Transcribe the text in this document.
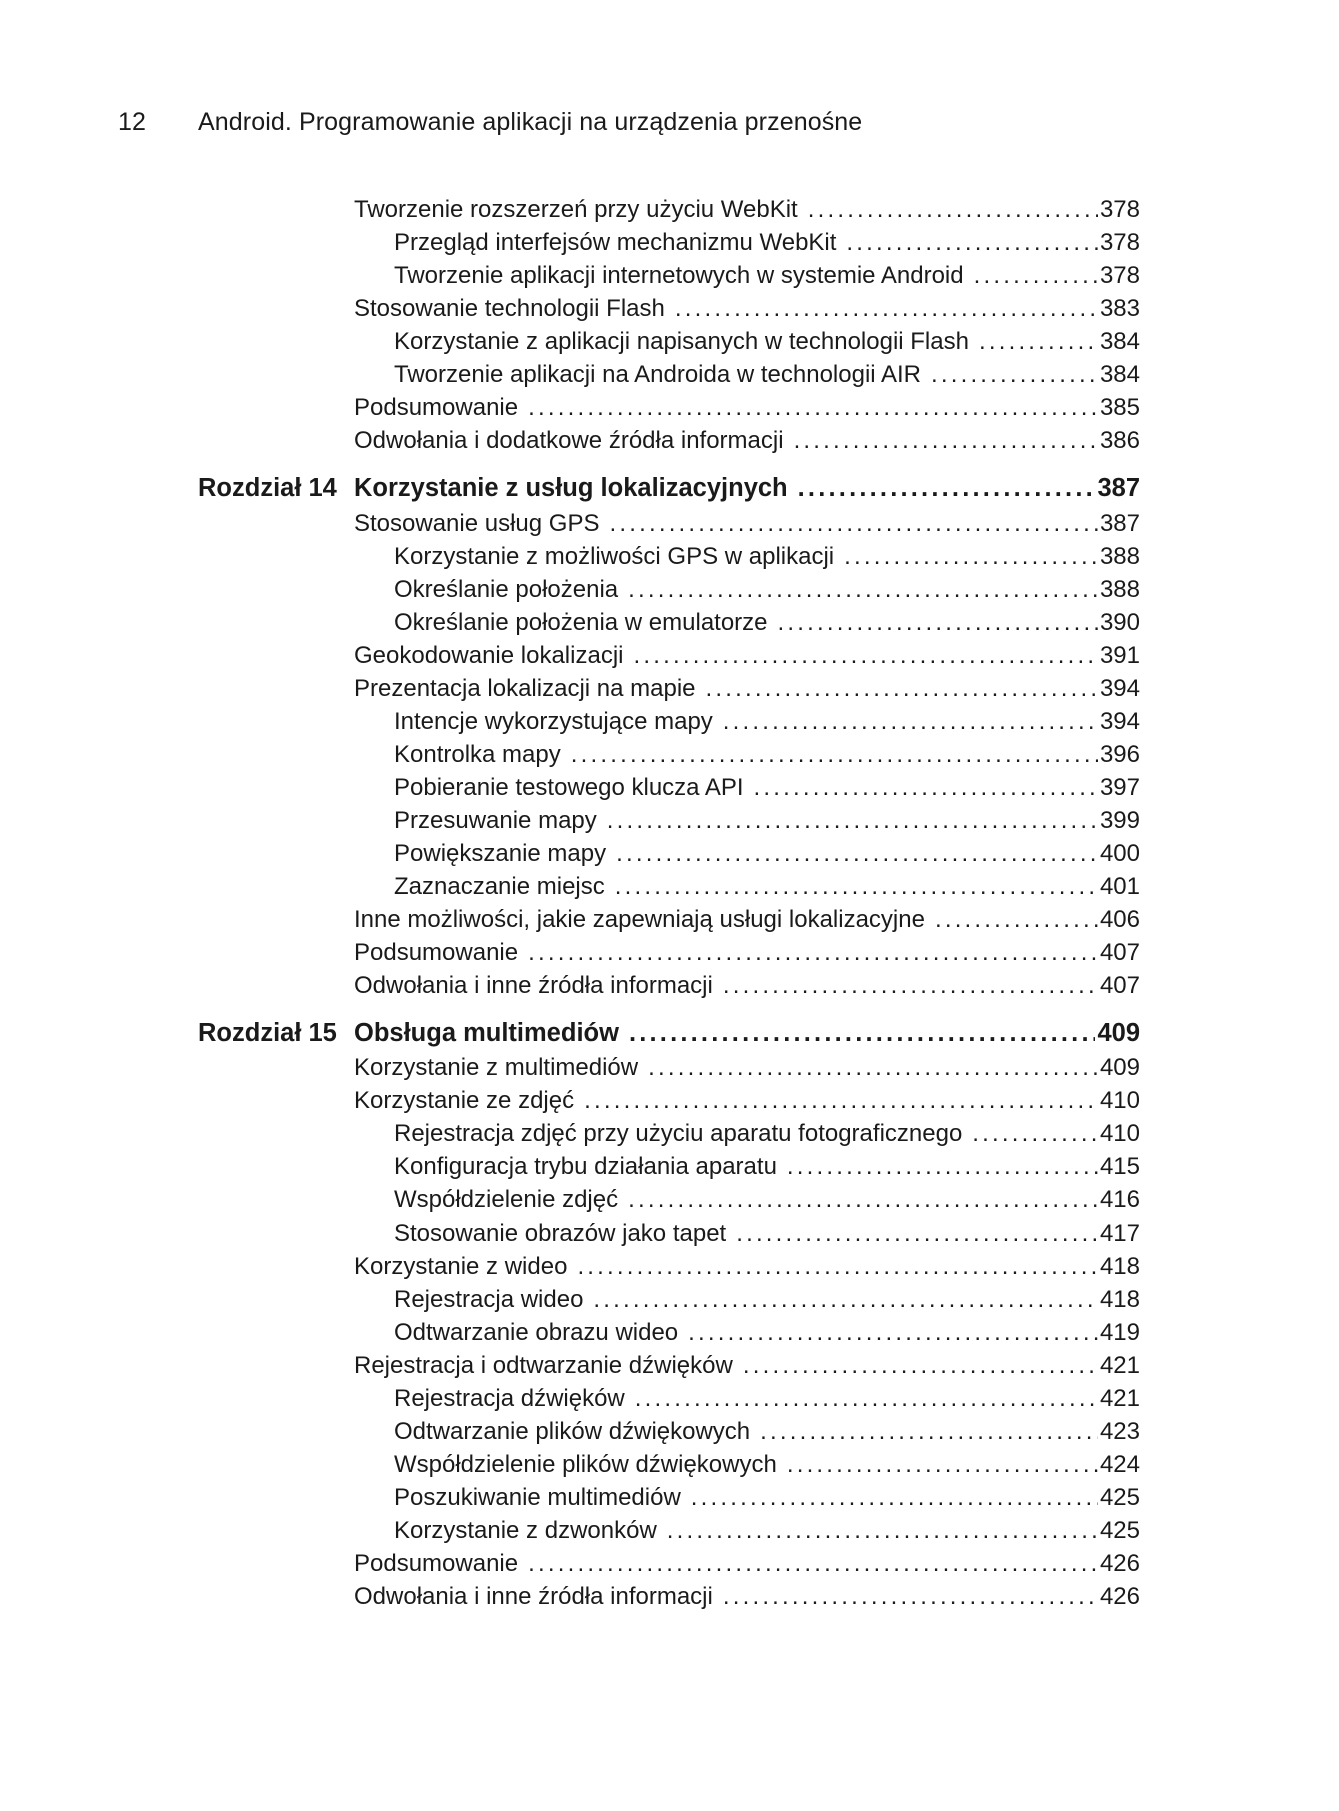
12 Android. Programowanie aplikacji na urządzenia przenośne
Tworzenie rozszerzeń przy użyciu WebKit .....	378
Przegląd interfejsów mechanizmu WebKit .....	378
Tworzenie aplikacji internetowych w systemie Android .....	378
Stosowanie technologii Flash .....	383
Korzystanie z aplikacji napisanych w technologii Flash .....	384
Tworzenie aplikacji na Androida w technologii AIR .....	384
Podsumowanie .....	385
Odwołania i dodatkowe źródła informacji .....	386
Rozdział 14 Korzystanie z usług lokalizacyjnych .....	387
Stosowanie usług GPS .....	387
Korzystanie z możliwości GPS w aplikacji .....	388
Określanie położenia .....	388
Określanie położenia w emulatorze .....	390
Geokodowanie lokalizacji .....	391
Prezentacja lokalizacji na mapie .....	394
Intencje wykorzystujące mapy .....	394
Kontrolka mapy .....	396
Pobieranie testowego klucza API .....	397
Przesuwanie mapy .....	399
Powiększanie mapy .....	400
Zaznaczanie miejsc .....	401
Inne możliwości, jakie zapewniają usługi lokalizacyjne .....	406
Podsumowanie .....	407
Odwołania i inne źródła informacji .....	407
Rozdział 15 Obsługa multimediów .....	409
Korzystanie z multimediów .....	409
Korzystanie ze zdjęć .....	410
Rejestracja zdjęć przy użyciu aparatu fotograficznego .....	410
Konfiguracja trybu działania aparatu .....	415
Współdzielenie zdjęć .....	416
Stosowanie obrazów jako tapet .....	417
Korzystanie z wideo .....	418
Rejestracja wideo .....	418
Odtwarzanie obrazu wideo .....	419
Rejestracja i odtwarzanie dźwięków .....	421
Rejestracja dźwięków .....	421
Odtwarzanie plików dźwiękowych .....	423
Współdzielenie plików dźwiękowych .....	424
Poszukiwanie multimediów .....	425
Korzystanie z dzwonków .....	425
Podsumowanie .....	426
Odwołania i inne źródła informacji .....	426
